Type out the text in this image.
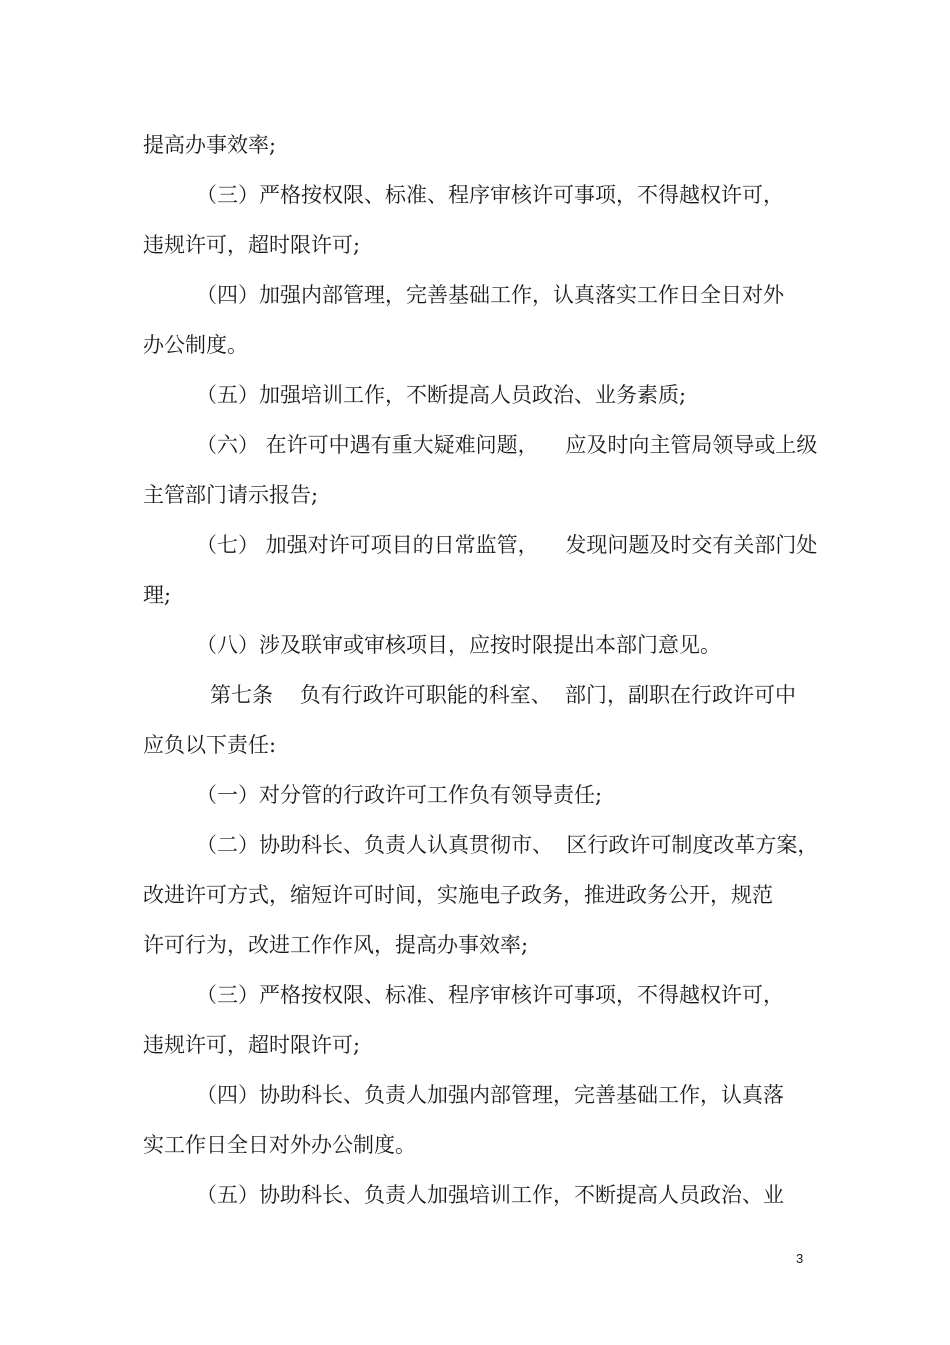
提高办事效率;
（三）严格按权限、标准、程序审核许可事项，不得越权许可，
违规许可，超时限许可;
（四）加强内部管理，完善基础工作，认真落实工作日全日对外
办公制度。
（五）加强培训工作，不断提高人员政治、业务素质;
（六） 在许可中遇有重大疑难问题，    应及时向主管局领导或上级
主管部门请示报告;
（七） 加强对许可项目的日常监管，    发现问题及时交有关部门处
理;
（八）涉及联审或审核项目，应按时限提出本部门意见。
第七条    负有行政许可职能的科室、  部门，副职在行政许可中
应负以下责任:
（一）对分管的行政许可工作负有领导责任;
（二）协助科长、负责人认真贯彻市、  区行政许可制度改革方案，
改进许可方式，缩短许可时间，实施电子政务，推进政务公开，规范
许可行为，改进工作作风，提高办事效率;
（三）严格按权限、标准、程序审核许可事项，不得越权许可，
违规许可，超时限许可;
（四）协助科长、负责人加强内部管理，完善基础工作，认真落
实工作日全日对外办公制度。
（五）协助科长、负责人加强培训工作，不断提高人员政治、业
3
